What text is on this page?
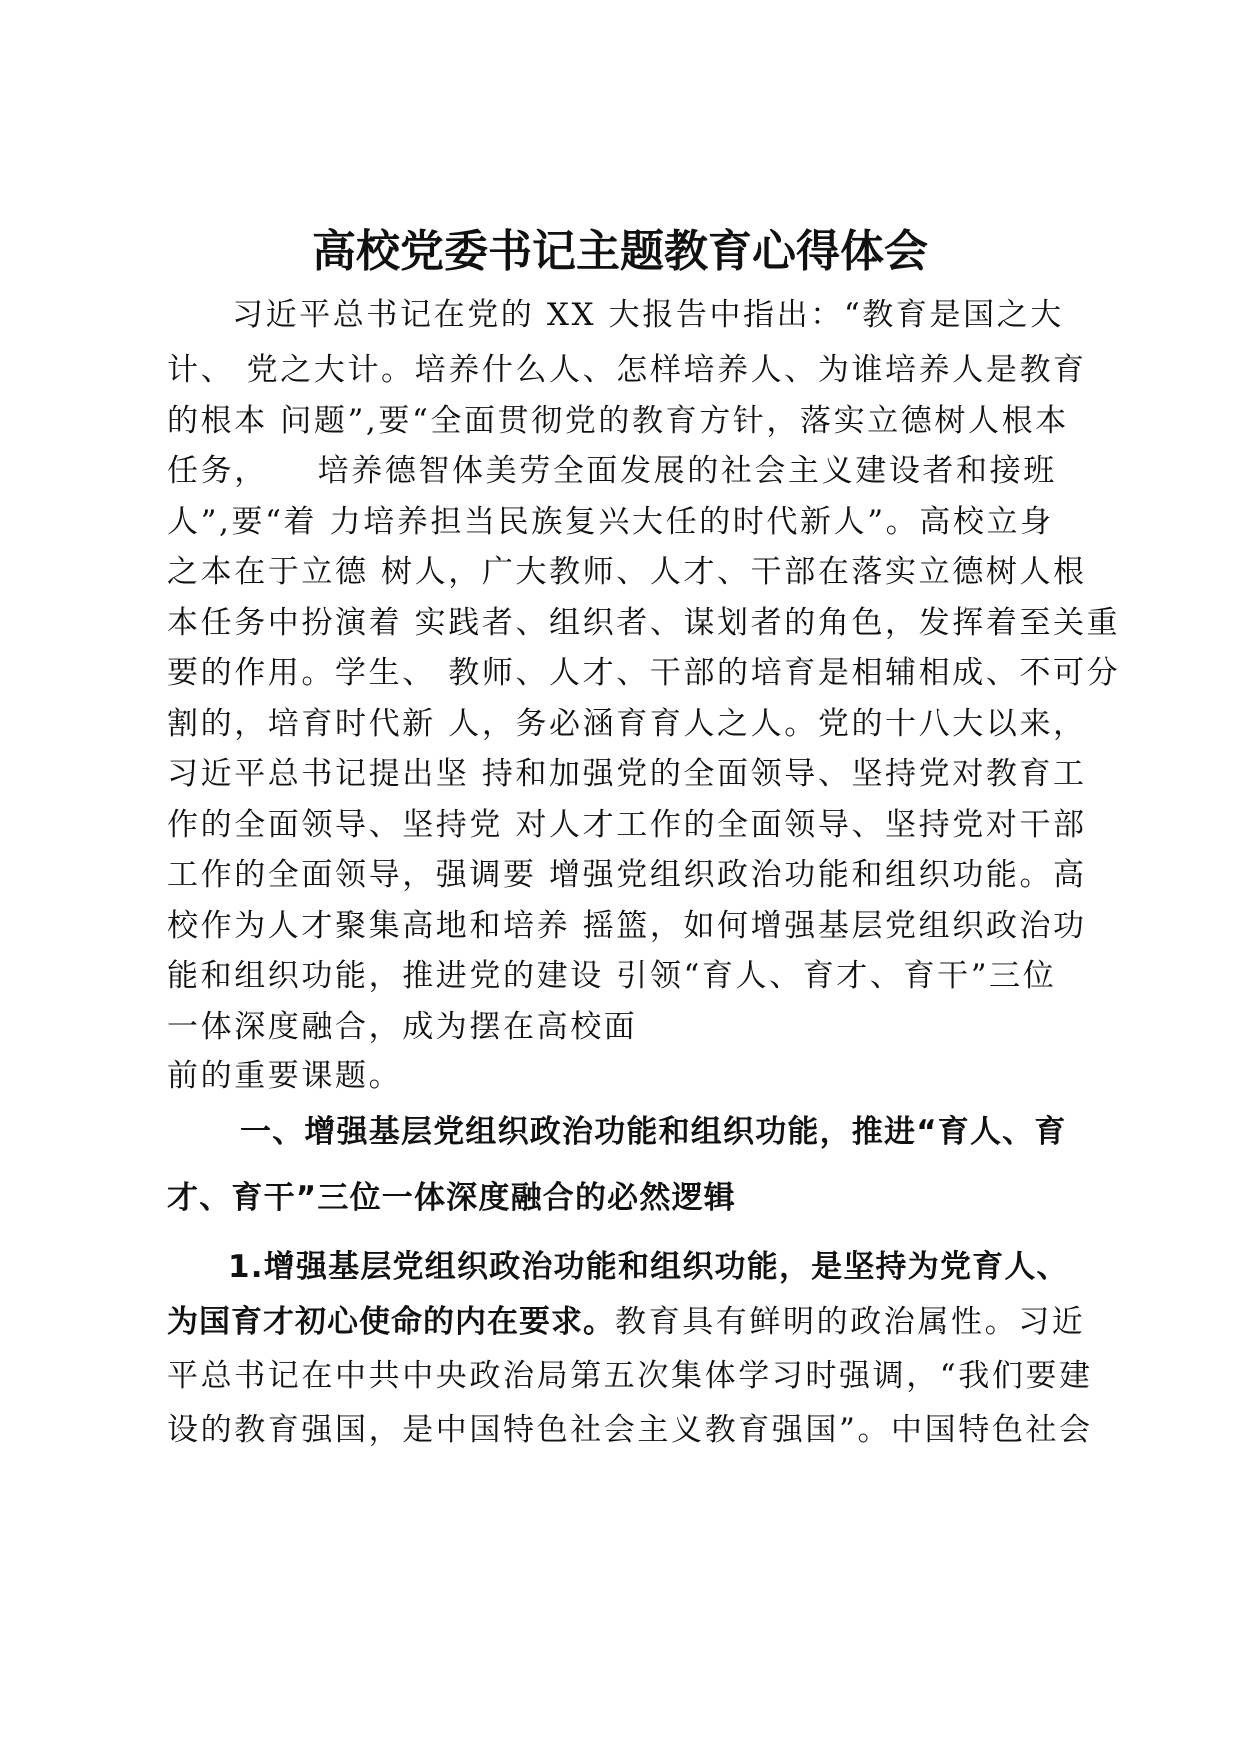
高校党委书记主题教育心得体会
习近平总书记在党的 XX 大报告中指出：“教育是国之大
计、 党之大计。培养什么人、怎样培养人、为谁培养人是教育
的根本 问题”,要“全面贯彻党的教育方针，落实立德树人根本
任务，    培养德智体美劳全面发展的社会主义建设者和接班
人”,要“着 力培养担当民族复兴大任的时代新人”。高校立身
之本在于立德 树人，广大教师、人才、干部在落实立德树人根
本任务中扮演着 实践者、组织者、谋划者的角色，发挥着至关重
要的作用。学生、 教师、人才、干部的培育是相辅相成、不可分
割的，培育时代新 人，务必涵育育人之人。党的十八大以来，
习近平总书记提出坚 持和加强党的全面领导、坚持党对教育工
作的全面领导、坚持党 对人才工作的全面领导、坚持党对干部
工作的全面领导，强调要 增强党组织政治功能和组织功能。高
校作为人才聚集高地和培养 摇篮，如何增强基层党组织政治功
能和组织功能，推进党的建设 引领“育人、育才、育干”三位
一体深度融合，成为摆在高校面
前的重要课题。
一、增强基层党组织政治功能和组织功能，推进“育人、育
才、育干”三位一体深度融合的必然逻辑
1.增强基层党组织政治功能和组织功能，是坚持为党育人、
为国育才初心使命的内在要求。教育具有鲜明的政治属性。习近
平总书记在中共中央政治局第五次集体学习时强调，“我们要建
设的教育强国，是中国特色社会主义教育强国”。中国特色社会
